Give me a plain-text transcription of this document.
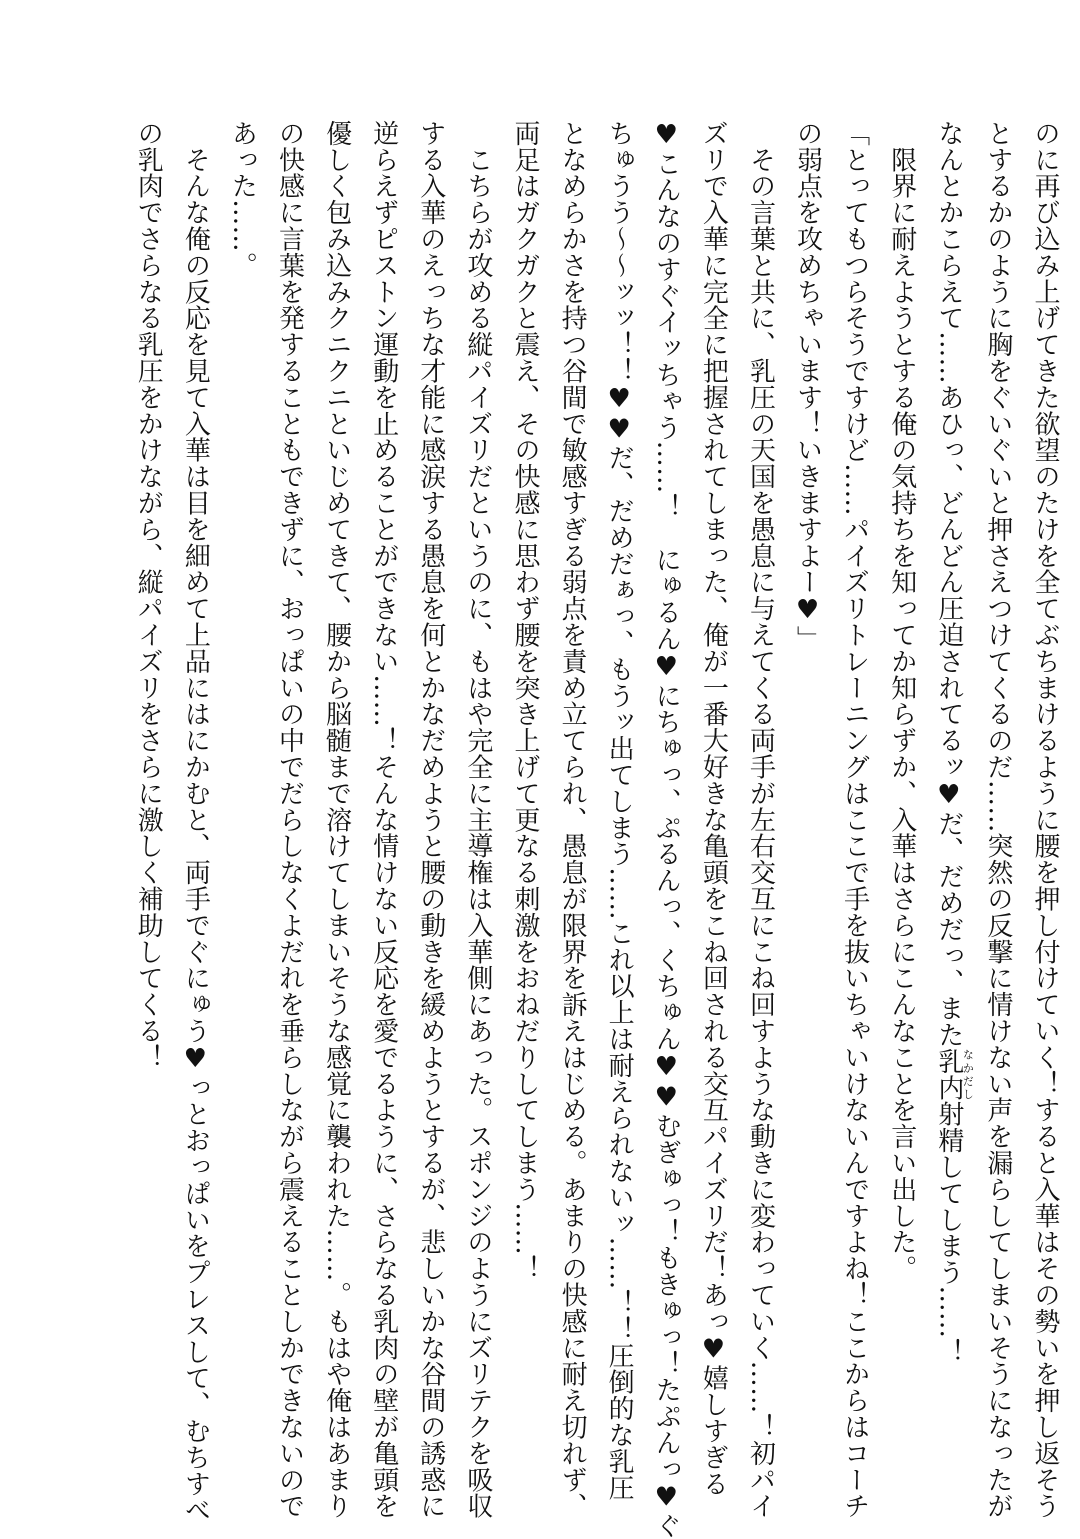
のに再び込み上げてきた欲望のたけを全てぶちまけるように腰を押し付けていく！すると入華はその勢いを押し返そう
とするかのように胸をぐいぐいと押さえつけてくるのだ……突然の反撃に情けない声を漏らしてしまいそうになったが
なんとかこらえて……あひっ、どんどん圧迫されてるッ♥だ、だめだっ、また乳内なかだし射精してしまう……！
　限界に耐えようとする俺の気持ちを知ってか知らずか、入華はさらにこんなことを言い出した。
「とってもつらそうですけど……パイズリトレーニングはここで手を抜いちゃいけないんですよね！ここからはコーチ
の弱点を攻めちゃいます！いきますよー♥」
　その言葉と共に、乳圧の天国を愚息に与えてくる両手が左右交互にこね回すような動きに変わっていく……！初パイ
ズリで入華に完全に把握されてしまった、俺が一番大好きな亀頭をこね回される交互パイズリだ！あっ♥嬉しすぎる
♥こんなのすぐイッちゃう……！　にゅるん♥にちゅっ、ぷるんっ、くちゅん♥♥むぎゅっ！もきゅっ！たぷんっ♥ぐ
ちゅうう〜〜ッッ！！♥♥だ、だめだぁっ、もうッ出てしまう……これ以上は耐えられないッ……！！圧倒的な乳圧
となめらかさを持つ谷間で敏感すぎる弱点を責め立てられ、愚息が限界を訴えはじめる。あまりの快感に耐え切れず、
両足はガクガクと震え、その快感に思わず腰を突き上げて更なる刺激をおねだりしてしまう……！
　こちらが攻める縦パイズリだというのに、もはや完全に主導権は入華側にあった。スポンジのようにズリテクを吸収
する入華のえっちな才能に感涙する愚息を何とかなだめようと腰の動きを緩めようとするが、悲しいかな谷間の誘惑に
逆らえずピストン運動を止めることができない……！そんな情けない反応を愛でるように、さらなる乳肉の壁が亀頭を
優しく包み込みクニクニといじめてきて、腰から脳髄まで溶けてしまいそうな感覚に襲われた……。もはや俺はあまり
の快感に言葉を発することもできずに、おっぱいの中でだらしなくよだれを垂らしながら震えることしかできないので
あった……。
　そんな俺の反応を見て入華は目を細めて上品にはにかむと、両手でぐにゅう♥っとおっぱいをプレスして、むちすべ
の乳肉でさらなる乳圧をかけながら、縦パイズリをさらに激しく補助してくる！
